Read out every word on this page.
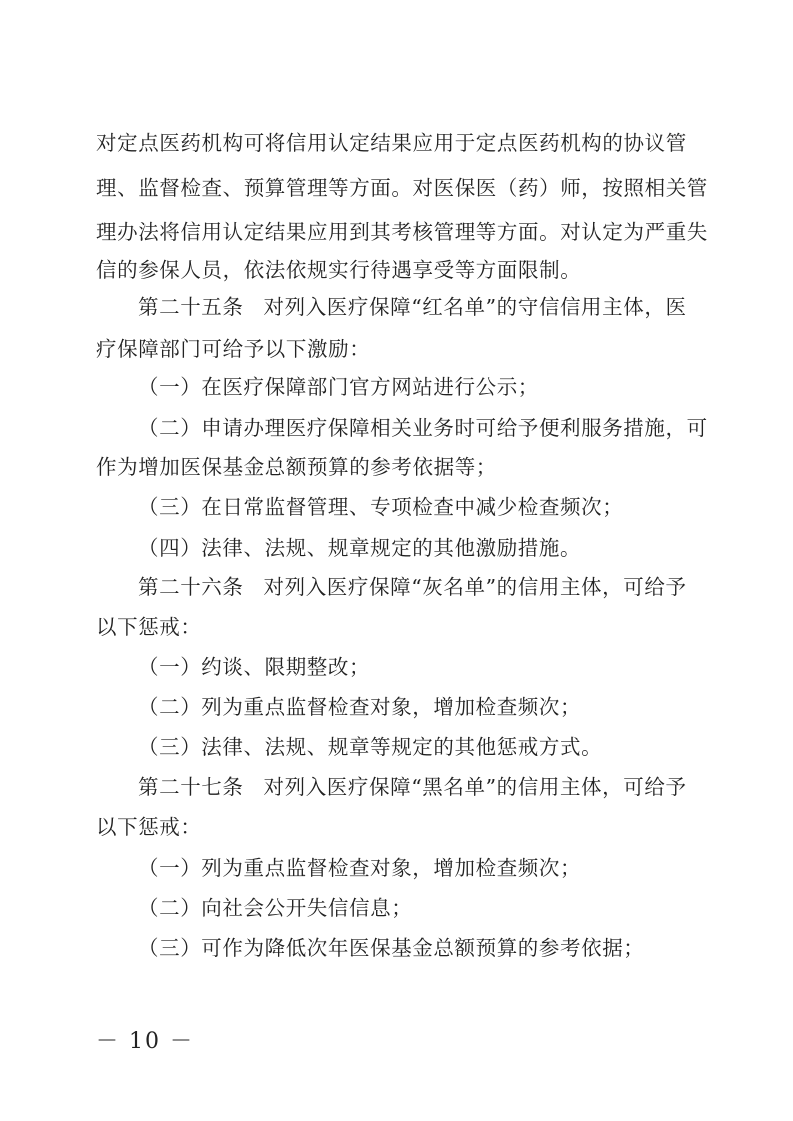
对定点医药机构可将信用认定结果应用于定点医药机构的协议管
理、监督检查、预算管理等方面。对医保医（药）师，按照相关管
理办法将信用认定结果应用到其考核管理等方面。对认定为严重失
信的参保人员，依法依规实行待遇享受等方面限制。
第二十五条 对列入医疗保障“红名单”的守信信用主体，医
疗保障部门可给予以下激励：
（一）在医疗保障部门官方网站进行公示；
（二）申请办理医疗保障相关业务时可给予便利服务措施，可
作为增加医保基金总额预算的参考依据等；
（三）在日常监督管理、专项检查中减少检查频次；
（四）法律、法规、规章规定的其他激励措施。
第二十六条 对列入医疗保障“灰名单”的信用主体，可给予
以下惩戒：
（一）约谈、限期整改；
（二）列为重点监督检查对象，增加检查频次；
（三）法律、法规、规章等规定的其他惩戒方式。
第二十七条 对列入医疗保障“黑名单”的信用主体，可给予
以下惩戒：
（一）列为重点监督检查对象，增加检查频次；
（二）向社会公开失信信息；
（三）可作为降低次年医保基金总额预算的参考依据；
－ 10 －
